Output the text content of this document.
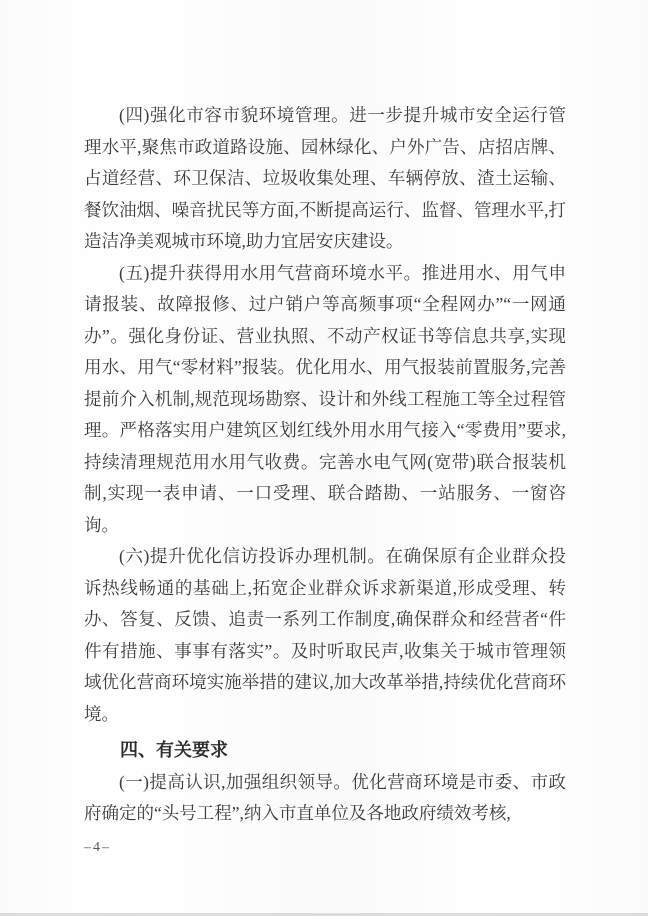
(四)强化市容市貌环境管理。进一步提升城市安全运行管理水平,聚焦市政道路设施、园林绿化、户外广告、店招店牌、占道经营、环卫保洁、垃圾收集处理、车辆停放、渣土运输、餐饮油烟、噪音扰民等方面,不断提高运行、监督、管理水平,打造洁净美观城市环境,助力宜居安庆建设。

(五)提升获得用水用气营商环境水平。推进用水、用气申请报装、故障报修、过户销户等高频事项“全程网办”“一网通办”。强化身份证、营业执照、不动产权证书等信息共享,实现用水、用气“零材料”报装。优化用水、用气报装前置服务,完善提前介入机制,规范现场勘察、设计和外线工程施工等全过程管理。严格落实用户建筑区划红线外用水用气接入“零费用”要求,持续清理规范用水用气收费。完善水电气网(宽带)联合报装机制,实现一表申请、一口受理、联合踏勘、一站服务、一窗咨询。

(六)提升优化信访投诉办理机制。在确保原有企业群众投诉热线畅通的基础上,拓宽企业群众诉求新渠道,形成受理、转办、答复、反馈、追责一系列工作制度,确保群众和经营者“件件有措施、事事有落实”。及时听取民声,收集关于城市管理领域优化营商环境实施举措的建议,加大改革举措,持续优化营商环境。

四、有关要求

(一)提高认识,加强组织领导。优化营商环境是市委、市政府确定的“头号工程”,纳入市直单位及各地政府绩效考核,

–4–
